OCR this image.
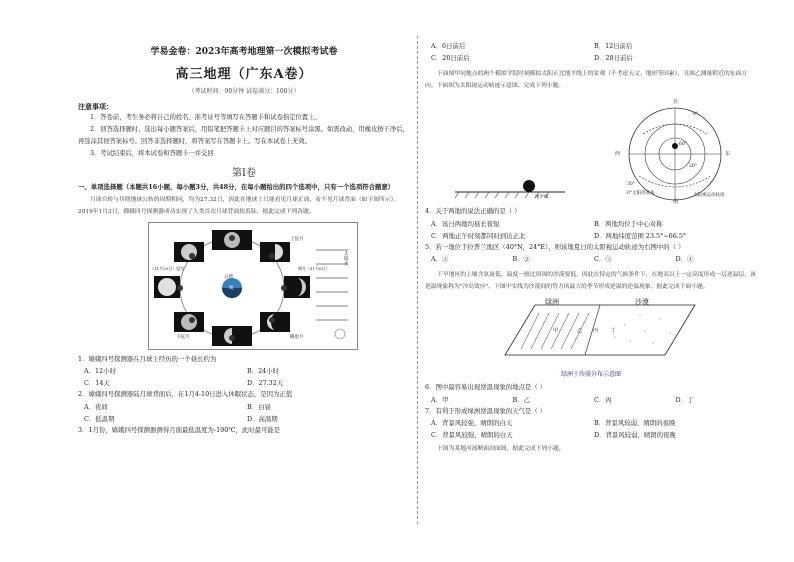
学易金卷：2023年高考地理第一次模拟考试卷
高三地理（广东A卷）
（考试时间：90分钟 试卷满分：100分）
注意事项：
1．答卷前，考生务必将自己的姓名、准考证号等填写在答题卡和试卷指定位置上。
2．回答选择题时，选出每小题答案后，用铅笔把答题卡上对应题目的答案标号涂黑。如需改动，用橡皮擦干净后，再选涂其他答案标号。回答非选择题时，将答案写在答题卡上。写在本试卷上无效。
3．考试结束后，将本试卷和答题卡一并交回
第Ⅰ卷
一、单项选择题（本题共16小题，每小题3分，共48分，在每小题给出的四个选项中，只有一个选项符合题意）
月球自转与其绕地球公转的周期相同，均为27.32日，因此在地球上只能看见月球正面，看不见月球背面（如下图所示）。2019年1月3日，嫦娥四号探测器成功实现了人类首次月球背面软着陆。据此完成下列各题。
凸月	上弦月
（11月20日）望月	朔月（11月6日）
日照
地
下弦月	蛾眉月
太阳光
1．嫦娥四号探测器在月球上经历的一个昼长约为
A．12小时	B．24小时
C．14天	D．27.32天
2．嫦娥四号探测器陆月球背面后，在1月4-10日进入休眠状态，是因为正值
A．夜间	B．白昼
C．低温期	D．高温期
3．1月份，嫦娥四号探测器测得月面最低温度为-190℃，此时最可能是
A．6日前后	B．12日前后
C．20日前后	D．28日前后
下面图甲同地点的两个模拟学院时刻模拟太阳正北地平线上的景观（不考虑天文、地形等因素），且图乙测量附近的东面方向。下面图为太阳视运动轨迹示意图。完成下列小题。
北
0°
西	东
60°
20°
30°
0°太阳高度角
南
地平线	太阳视运动轨迹
4．关于两地的说法正确的是（ ）
A．该日两地均昼长夜短	B．两地均位于中心对称
C．两地正午时刻都同时到达正北	D．两地纬度范围 23.5°~66.5°
5．若一地位于拉普兰地区（40°N，24°E），则该地夏日的太阳视运动轨迹为右图中的（ ）
A．①	B．②	C．③	D．④
干旱地区的土壤含氮量低，温度一般比周围的沙漠要低，因此在特定的气候条件下，在地表以上一定高度形成一层逆温层，该逆温现象称为"冷岛效应"。下图中实线为沙漠间的势力风最大的季节形成逆温的逆温现象。据此完成下面小题。
绿洲	沙漠
甲	乙 丙	丁
绿洲于沙漠分布示意图
6．图中最容易出现逆温现象的地点是（ ）
A．甲	B．乙	C．丙	D．丁
7．有利于形成绿洲逆温现象的天气是（ ）
A．背景风较强，晴朗的白天	B．背景风较弱，晴朗的夜晚
C．背景风较强，晴朗的白天	D．背景风较弱，晴朗的夜晚
下图为某地河流断面剖面图，据此完成下列小题。
